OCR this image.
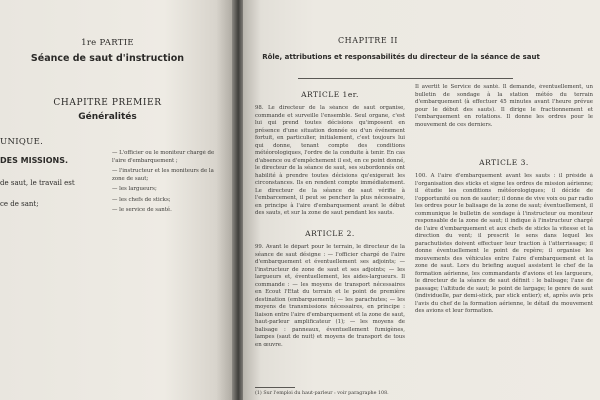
1re PARTIE
Séance de saut d'instruction
CHAPITRE PREMIER
Généralités
UNIQUE.
DES MISSIONS.
de saut, le travail est
ce de sant;

— L'officier ou le moniteur chargé de l'aire d'embarquement ;

— l'instructeur et les moniteurs de la zone de saut;

— les largueurs;

— les chefs de sticks;

— le service de santé.

CHAPITRE II
Rôle, attributions et responsabilités du directeur de la séance de saut
ARTICLE 1er.

98. Le directeur de la séance de saut organise, commande et surveille l'ensemble. Seul organe, c'est lui qui prend toutes décisions qu'imposent en présence d'une situation donnée ou d'un événement fortuit, en particulier, initialement, c'est toujours lui qui donne, tenant compte des conditions météorologiques, l'ordre de la conduite à tenir. En cas d'absence ou d'empêchement il est, en ce point donné, le directeur de la séance de saut, ses subordonnés ont habilité à prendre toutes décisions qu'exigerait les circonstances. Ils en rendent compte immédiatement. Le directeur de la séance de saut vérifie à l'embarcement, il peut se pencher la plus nécessaire, en principe à l'aire d'embarquement avant le début des sauts, et sur la zone de saut pendant les sauts.

ARTICLE 2.

99. Avant le départ pour le terrain, le directeur de la séance de saut désigne : — l'officier chargé de l'aire d'embarquement et éventuellement ses adjoints; — l'instructeur de zone de saut et ses adjoints; — les largueurs et, éventuellement, les aides-largueurs. Il commande : — les moyens de transport nécessaires en Ecout l'Etat du terrain et le point de première destination (embarquement); — les parachutes; — les moyens de transmissions nécessaires, en principe : liaison entre l'aire d'embarquement et la zone de saut, haut-parleur amplificateur (1); — les moyens de balisage : panneaux, éventuellement fumigènes, lampes (saut de nuit) et moyens de transport de tous en œuvre.

(1) Sur l'emploi du haut-parleur : voir paragraphe 108.

Il avertit le Service de santé. Il demande, éventuellement, un bulletin de sondage à la station météo du terrain d'embarquement (à effectuer 45 minutes avant l'heure prévue pour le début des sauts). Il dirige le fractionnement et l'embarquement en rotations. Il donne les ordres pour le mouvement de ces derniers.

ARTICLE 3.

100. A l'aire d'embarquement avant les sauts : il préside à l'organisation des sticks et signe les ordres de mission aérienne; il étudie les conditions météorologiques; il décide de l'opportunité ou non de sauter; il donne de vive voix ou par radio les ordres pour le balisage de la zone de saut; éventuellement, il communique le bulletin de sondage à l'instructeur ou moniteur responsable de la zone de saut; il indique à l'instructeur chargé de l'aire d'embarquement et aux chefs de sticks la vitesse et la direction du vent; il prescrit le sens dans lequel les parachutistes doivent effectuer leur traction à l'atterrissage; il donne éventuellement le point de repère; il organise les mouvements des véhicules entre l'aire d'embarquement et la zone de saut. Lors du briefing auquel assistent le chef de la formation aérienne, les commandants d'avions et les largueurs, le directeur de la séance de saut définit : le balisage; l'axe de passage; l'altitude de saut; le point de largage; le genre de saut (individuelle, par demi-stick, par stick entier); et, après avis pris l'avis du chef de la formation aérienne, le détail du mouvement des avions et leur formation.
